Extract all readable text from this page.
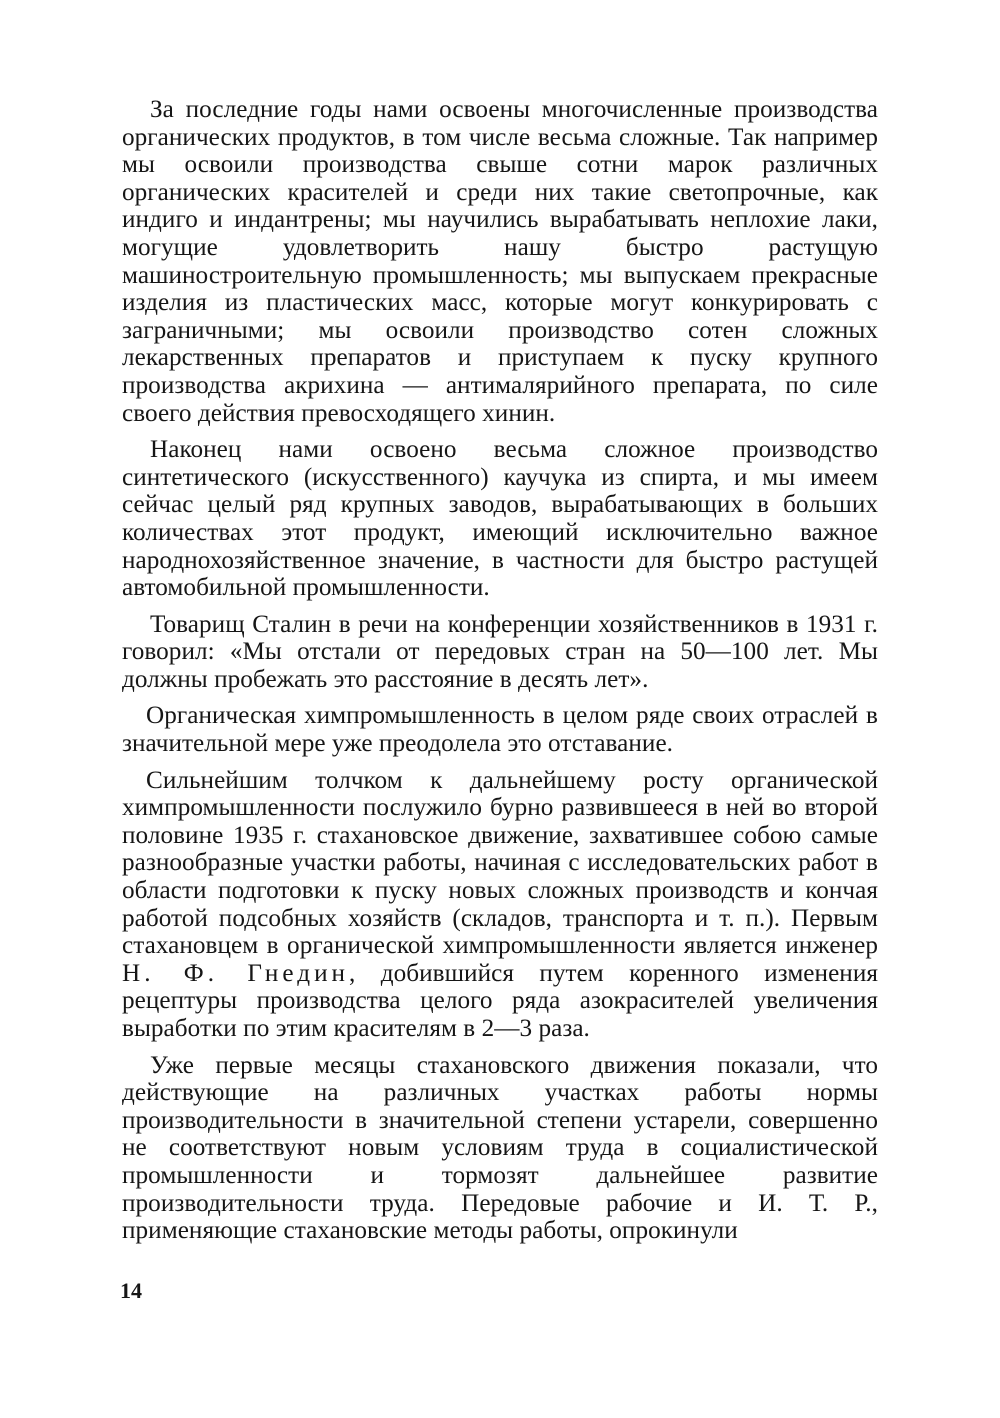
За последние годы нами освоены многочисленные производства органических продуктов, в том числе весьма сложные. Так например мы освоили производства свыше сотни марок различных органических красителей и среди них такие светопрочные, как индиго и индантрены; мы научились вырабатывать неплохие лаки, могущие удовлетворить нашу быстро растущую машиностроительную промышленность; мы выпускаем прекрасные изделия из пластических масс, которые могут конкурировать с заграничными; мы освоили производство сотен сложных лекарственных препаратов и приступаем к пуску крупного производства акрихина — антималярийного препарата, по силе своего действия превосходящего хинин.

Наконец нами освоено весьма сложное производство синтетического (искусственного) каучука из спирта, и мы имеем сейчас целый ряд крупных заводов, вырабатывающих в больших количествах этот продукт, имеющий исключительно важное народнохозяйственное значение, в частности для быстро растущей автомобильной промышленности.

Товарищ Сталин в речи на конференции хозяйственников в 1931 г. говорил: «Мы отстали от передовых стран на 50—100 лет. Мы должны пробежать это расстояние в десять лет».

Органическая химпромышленность в целом ряде своих отраслей в значительной мере уже преодолела это отставание.

Сильнейшим толчком к дальнейшему росту органической химпромышленности послужило бурно развившееся в ней во второй половине 1935 г. стахановское движение, захватившее собою самые разнообразные участки работы, начиная с исследовательских работ в области подготовки к пуску новых сложных производств и кончая работой подсобных хозяйств (складов, транспорта и т. п.). Первым стахановцем в органической химпромышленности является инженер Н. Ф. Гнедин, добившийся путем коренного изменения рецептуры производства целого ряда азокрасителей увеличения выработки по этим красителям в 2—3 раза.

Уже первые месяцы стахановского движения показали, что действующие на различных участках работы нормы производительности в значительной степени устарели, совершенно не соответствуют новым условиям труда в социалистической промышленности и тормозят дальнейшее развитие производительности труда. Передовые рабочие и И. Т. Р., применяющие стахановские методы работы, опрокинули

14
